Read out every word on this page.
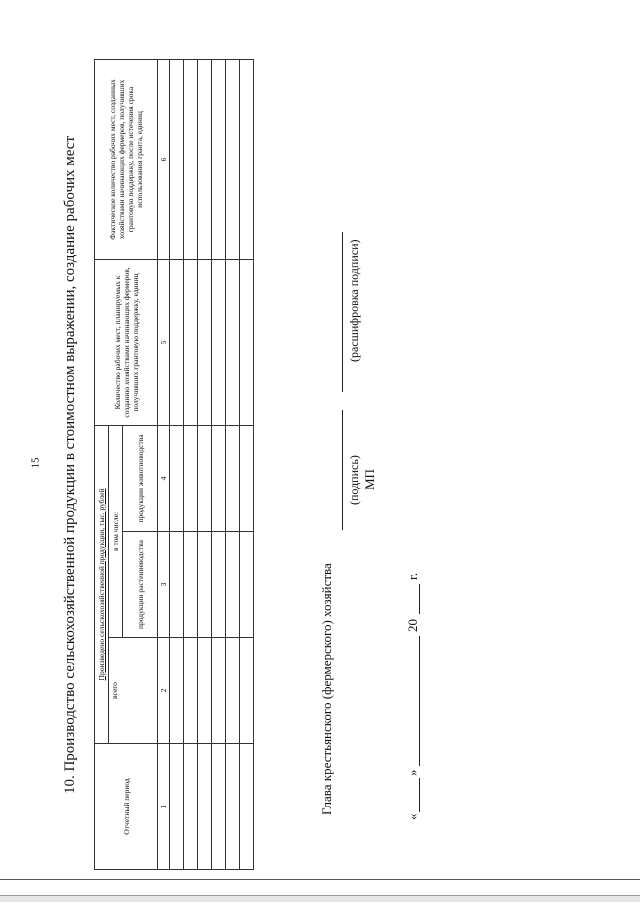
15	10. Производство сельскохозяйственной продукции в стоимостном выражении, создание рабочих мест
Отчетный период	Произведено сельскохозяйственной продукции, тыс. рублей			Количество рабочих мест, планируемых к созданию хозяйствами начинающих фермеров, получивших грантовую поддержку, единиц	Фактическое количество рабочих мест, созданных хозяйствами начинающих фермеров, получивших грантовую поддержку, после истечения срока использования гранта, единиц
	всего	в том числе:			
		продукции растениеводства	продукции животноводства		
1	2	3	4	5	6

Глава крестьянского (фермерского) хозяйства
(подпись)
(расшифровка подписи)
МП
«
»
20
г.
